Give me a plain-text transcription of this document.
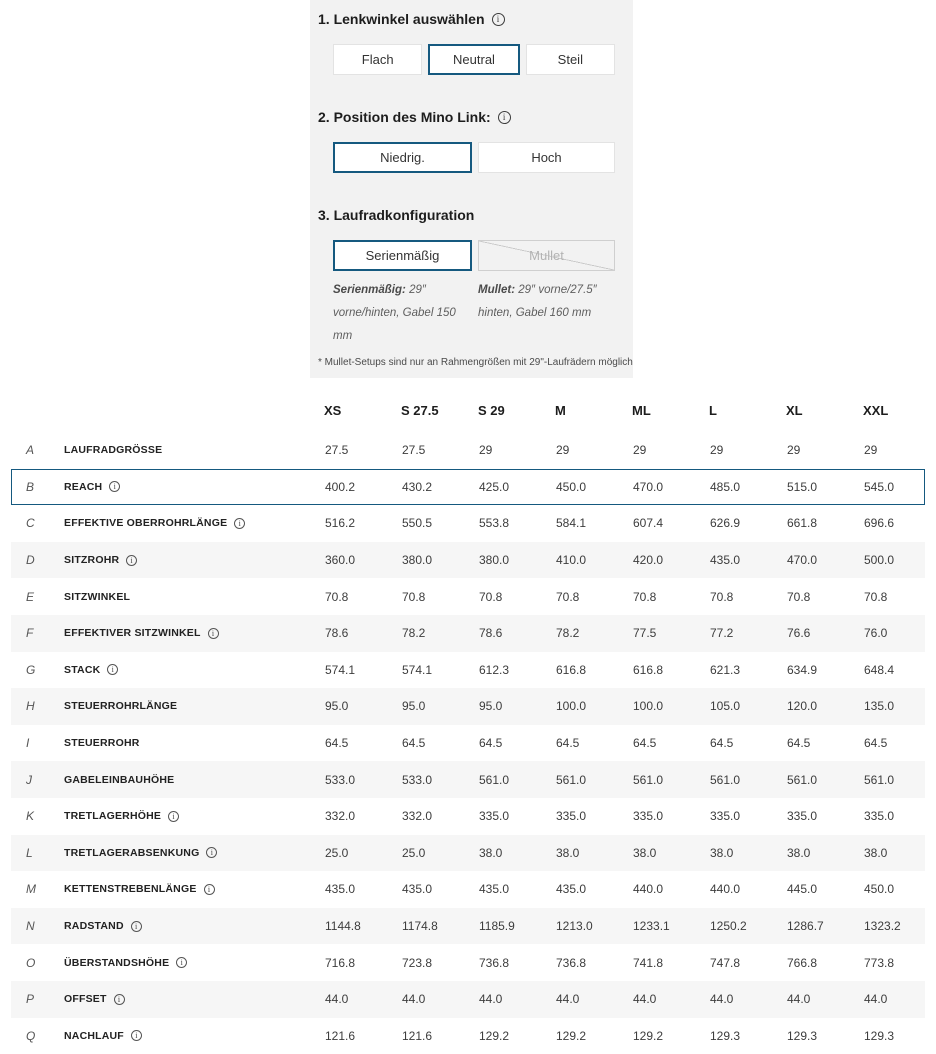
1. Lenkwinkel auswählen	i
Flach	Neutral	Steil
2. Position des Mino Link:	i
Niedrig.	Hoch
3. Laufradkonfiguration
Serienmäßig	Mullet
Serienmäßig: 29″ vorne/hinten, Gabel 150 mm
Mullet: 29″ vorne/27.5″ hinten, Gabel 160 mm

* Mullet-Setups sind nur an Rahmengrößen mit 29"-Laufrädern möglich

XS	S 27.5	S 29	M	ML	L	XL	XXL
A	LAUFRADGRÖSSE	27.5	27.5	29	29	29	29	29	29
B	REACH	i	400.2	430.2	425.0	450.0	470.0	485.0	515.0	545.0
C	EFFEKTIVE OBERROHRLÄNGE	i	516.2	550.5	553.8	584.1	607.4	626.9	661.8	696.6
D	SITZROHR	i	360.0	380.0	380.0	410.0	420.0	435.0	470.0	500.0
E	SITZWINKEL	70.8	70.8	70.8	70.8	70.8	70.8	70.8	70.8
F	EFFEKTIVER SITZWINKEL	i	78.6	78.2	78.6	78.2	77.5	77.2	76.6	76.0
G	STACK	i	574.1	574.1	612.3	616.8	616.8	621.3	634.9	648.4
H	STEUERROHRLÄNGE	95.0	95.0	95.0	100.0	100.0	105.0	120.0	135.0
I	STEUERROHR	64.5	64.5	64.5	64.5	64.5	64.5	64.5	64.5
J	GABELEINBAUHÖHE	533.0	533.0	561.0	561.0	561.0	561.0	561.0	561.0
K	TRETLAGERHÖHE	i	332.0	332.0	335.0	335.0	335.0	335.0	335.0	335.0
L	TRETLAGERABSENKUNG	i	25.0	25.0	38.0	38.0	38.0	38.0	38.0	38.0
M	KETTENSTREBENLÄNGE	i	435.0	435.0	435.0	435.0	440.0	440.0	445.0	450.0
N	RADSTAND	i	1144.8	1174.8	1185.9	1213.0	1233.1	1250.2	1286.7	1323.2
O	ÜBERSTANDSHÖHE	i	716.8	723.8	736.8	736.8	741.8	747.8	766.8	773.8
P	OFFSET	i	44.0	44.0	44.0	44.0	44.0	44.0	44.0	44.0
Q	NACHLAUF	i	121.6	121.6	129.2	129.2	129.2	129.3	129.3	129.3
